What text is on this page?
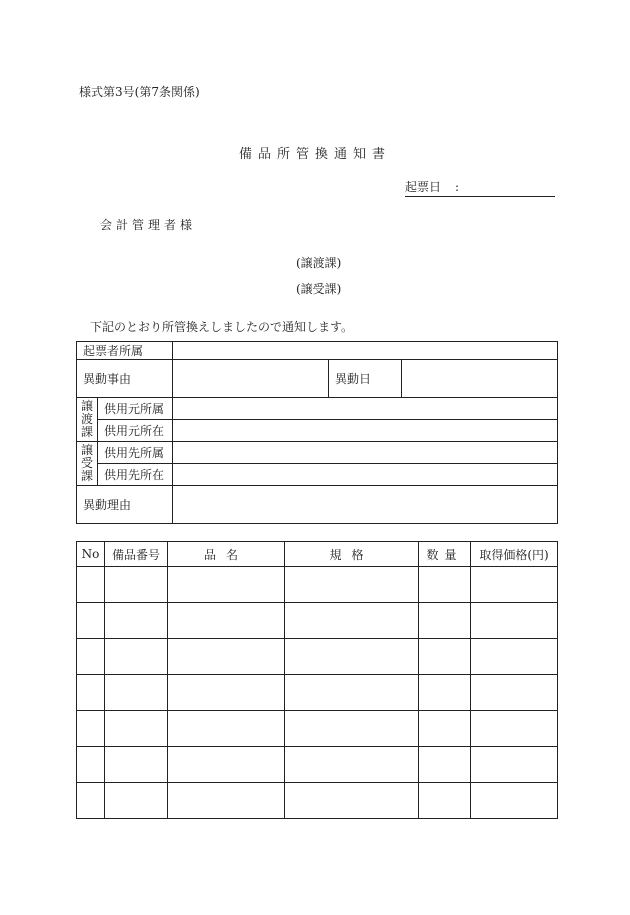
様式第3号(第7条関係)
備品所管換通知書
起票日 :
会計管理者様
(譲渡課)
(譲受課)
下記のとおり所管換えしましたので通知します。
起票者所属				

異動事由			異動日	

譲
渡
課	供用元所属			
	供用元所在			
譲
受
課	供用先所属			
	供用先所在			

異動理由				

No	備品番号	品名	規格	数量	取得価格(円)
